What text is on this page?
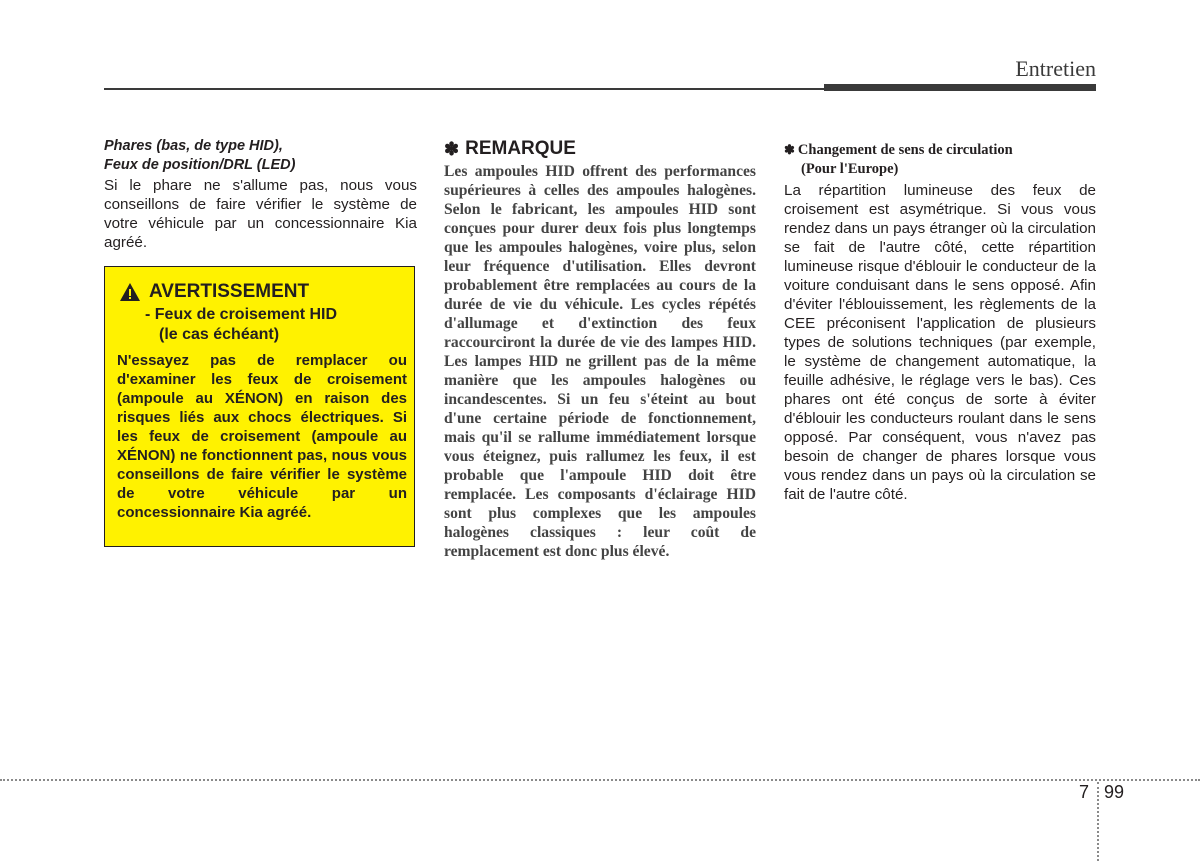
Entretien
Phares (bas, de type HID),
Feux de position/DRL (LED)
Si le phare ne s'allume pas, nous vous conseillons de faire vérifier le système de votre véhicule par un concessionnaire Kia agréé.
AVERTISSEMENT
- Feux de croisement HID
(le cas échéant)
N'essayez pas de remplacer ou d'examiner les feux de croisement (ampoule au XÉNON) en raison des risques liés aux chocs électriques. Si les feux de croisement (ampoule au XÉNON) ne fonctionnent pas, nous vous conseillons de faire vérifier le système de votre véhicule par un concessionnaire Kia agréé.
✽ REMARQUE
Les ampoules HID offrent des performances supérieures à celles des ampoules halogènes. Selon le fabricant, les ampoules HID sont conçues pour durer deux fois plus longtemps que les ampoules halogènes, voire plus, selon leur fréquence d'utilisation. Elles devront probablement être remplacées au cours de la durée de vie du véhicule. Les cycles répétés d'allumage et d'extinction des feux raccourciront la durée de vie des lampes HID. Les lampes HID ne grillent pas de la même manière que les ampoules halogènes ou incandescentes. Si un feu s'éteint au bout d'une certaine période de fonctionnement, mais qu'il se rallume immédiatement lorsque vous éteignez, puis rallumez les feux, il est probable que l'ampoule HID doit être remplacée. Les composants d'éclairage HID sont plus complexes que les ampoules halogènes classiques : leur coût de remplacement est donc plus élevé.
✽ Changement de sens de circulation
(Pour l'Europe)
La répartition lumineuse des feux de croisement est asymétrique. Si vous vous rendez dans un pays étranger où la circulation se fait de l'autre côté, cette répartition lumineuse risque d'éblouir le conducteur de la voiture conduisant dans le sens opposé. Afin d'éviter l'éblouissement, les règlements de la CEE préconisent l'application de plusieurs types de solutions techniques (par exemple, le système de changement automatique, la feuille adhésive, le réglage vers le bas). Ces phares ont été conçus de sorte à éviter d'éblouir les conducteurs roulant dans le sens opposé. Par conséquent, vous n'avez pas besoin de changer de phares lorsque vous vous rendez dans un pays où la circulation se fait de l'autre côté.
7 99
